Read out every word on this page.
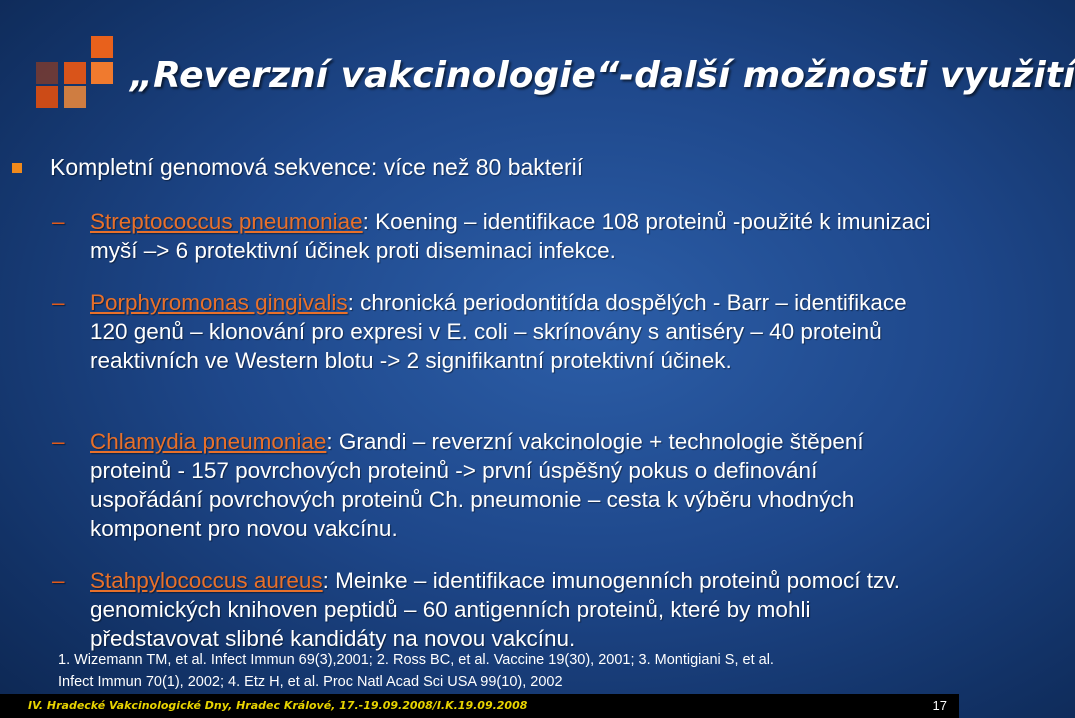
„Reverzní vakcinologie“-další možnosti využití
Kompletní genomová sekvence: více než 80 bakterií
– Streptococcus pneumoniae: Koening – identifikace 108 proteinů -použité k imunizaci myší –> 6 protektivní účinek proti diseminaci infekce.
– Porphyromonas gingivalis: chronická periodontitída dospělých - Barr – identifikace 120 genů – klonování pro expresi v E. coli – skrínovány s antiséry – 40 proteinů reaktivních ve Western blotu -> 2 signifikantní protektivní účinek.
– Chlamydia pneumoniae: Grandi – reverzní vakcinologie + technologie štěpení proteinů - 157 povrchových proteinů -> první úspěšný pokus o definování uspořádání povrchových proteinů Ch. pneumonie – cesta k výběru vhodných komponent pro novou vakcínu.
– Stahpylococcus aureus: Meinke – identifikace imunogenních proteinů pomocí tzv. genomických knihoven peptidů – 60 antigenních proteinů, které by mohli představovat slibné kandidáty na novou vakcínu.
1. Wizemann TM, et al. Infect Immun 69(3),2001; 2. Ross BC, et al. Vaccine 19(30), 2001; 3. Montigiani S, et al.
Infect Immun 70(1), 2002; 4. Etz H, et al. Proc Natl Acad Sci USA 99(10), 2002
IV. Hradecké Vakcinologické Dny, Hradec Králové, 17.-19.09.2008/I.K.19.09.2008	17
